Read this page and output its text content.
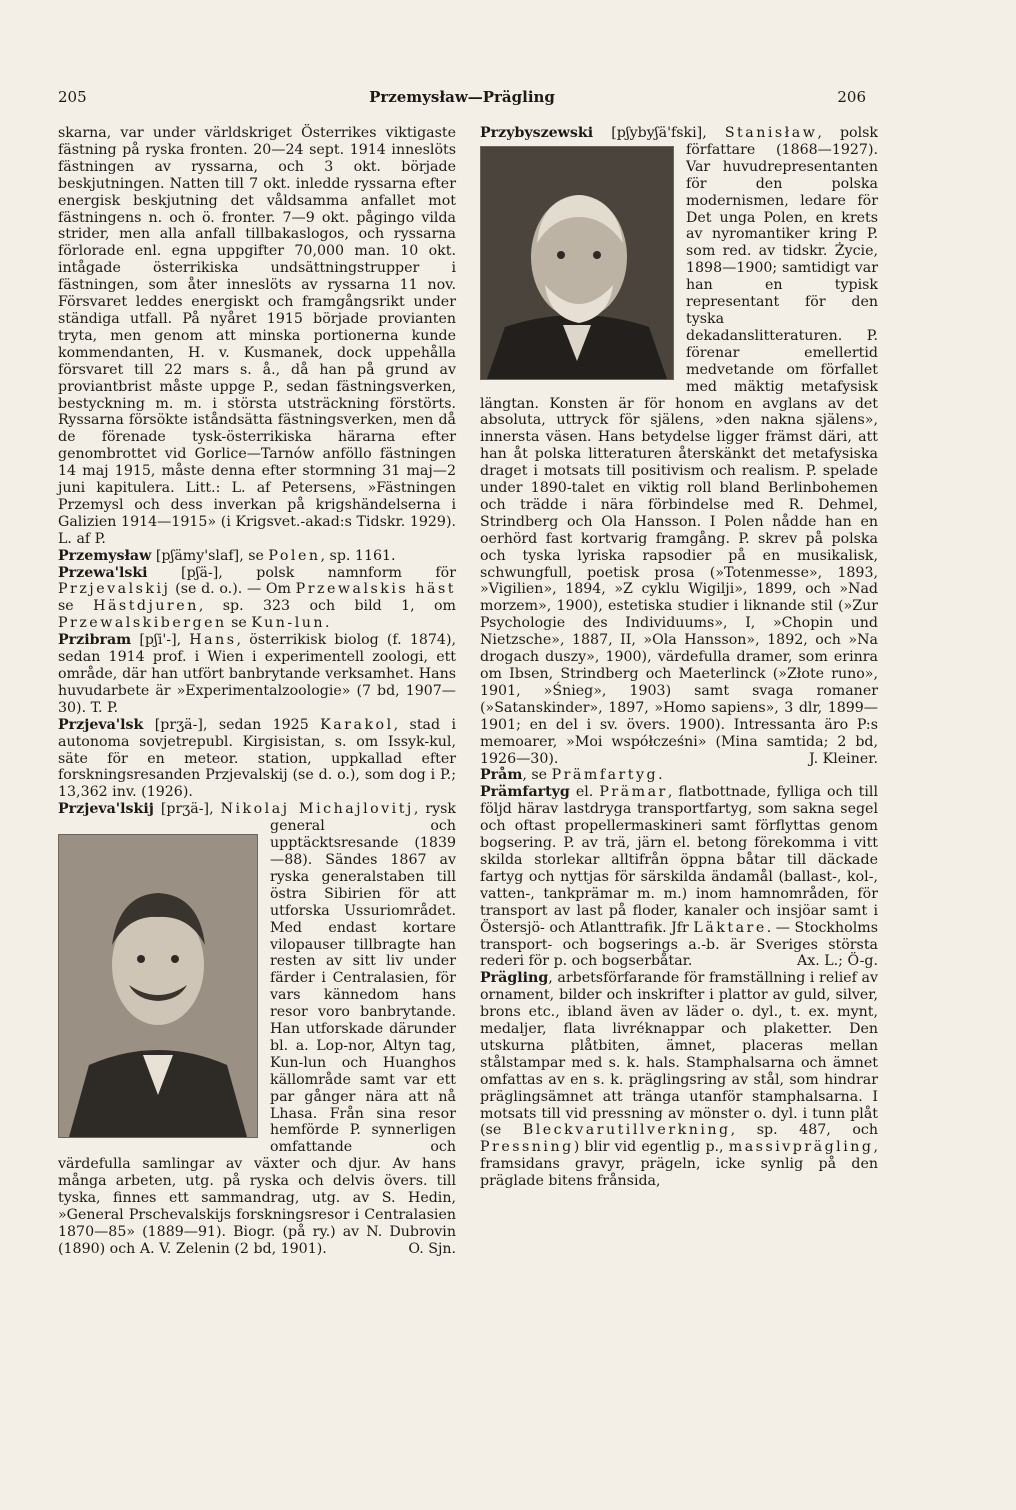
205	Przemysław—Prägling	206

skarna, var under världskriget Österrikes viktigaste fästning på ryska fronten. 20—24 sept. 1914 inneslöts fästningen av ryssarna, och 3 okt. började beskjutningen. Natten till 7 okt. inledde ryssarna efter energisk beskjutning det våldsamma anfallet mot fästningens n. och ö. fronter. 7—9 okt. pågingo vilda strider, men alla anfall tillbakaslogos, och ryssarna förlorade enl. egna uppgifter 70,000 man. 10 okt. intågade österrikiska undsättningstrupper i fästningen, som åter inneslöts av ryssarna 11 nov. Försvaret leddes energiskt och framgångsrikt under ständiga utfall. På nyåret 1915 började provianten tryta, men genom att minska portionerna kunde kommendanten, H. v. Kusmanek, dock uppehålla försvaret till 22 mars s. å., då han på grund av proviantbrist måste uppge P., sedan fästningsverken, bestyckning m. m. i största utsträckning förstörts. Ryssarna försökte iståndsätta fästningsverken, men då de förenade tysk-österrikiska härarna efter genombrottet vid Gorlice—Tarnów anföllo fästningen 14 maj 1915, måste denna efter stormning 31 maj—2 juni kapitulera. Litt.: L. af Petersens, »Fästningen Przemysl och dess inverkan på krigshändelserna i Galizien 1914—1915» (i Krigsvet.-akad:s Tidskr. 1929). L. af P.

Przemysław [pʃämy'slaf], se Polen, sp. 1161.

Przewa'lski [pʃä-], polsk namnform för Przjevalskij (se d. o.). — Om Przewalskis häst se Hästdjuren, sp. 323 och bild 1, om Przewalskibergen se Kun-lun.

Przibram [pʃi'-], Hans, österrikisk biolog (f. 1874), sedan 1914 prof. i Wien i experimentell zoologi, ett område, där han utfört banbrytande verksamhet. Hans huvudarbete är »Experimentalzoologie» (7 bd, 1907—30). T. P.

Przjeva'lsk [prʒä-], sedan 1925 Karakol, stad i autonoma sovjetrepubl. Kirgisistan, s. om Issyk-kul, säte för en meteor. station, uppkallad efter forskningsresanden Przjevalskij (se d. o.), som dog i P.; 13,362 inv. (1926).

Przjeva'lskij [prʒä-], Nikolaj Michajlovitj
, rysk general och upptäcktsresande (1839—88). Sändes 1867 av ryska generalstaben till östra Sibirien för att utforska Ussuriområdet. Med endast kortare vilopauser tillbragte han resten av sitt liv under färder i Centralasien, för vars kännedom hans resor voro banbrytande. Han utforskade därunder bl. a. Lop-nor, Altyn tag, Kun-lun och Huanghos källområde samt var ett par gånger nära att nå Lhasa. Från sina resor hemförde P. synnerligen omfattande och värdefulla samlingar av växter och djur. Av hans många arbeten, utg. på ryska och delvis övers. till tyska, finnes ett sammandrag, utg. av S. Hedin, »General Prschevalskijs forskningsresor i Centralasien 1870—85» (1889—91). Biogr. (på ry.) av N. Dubrovin (1890) och A. V. Zelenin (2 bd, 1901).	O. Sjn.

Przybyszewski [pʃybyʃä'fski], Stanisław
, polsk författare (1868—1927). Var huvudrepresentanten för den polska modernismen, ledare för Det unga Polen, en krets av nyromantiker kring P. som red. av tidskr. Życie, 1898—1900; samtidigt var han en typisk representant för den tyska dekadanslitteraturen. P. förenar emellertid medvetande om förfallet med mäktig metafysisk längtan. Konsten är för honom en avglans av det absoluta, uttryck för själens, »den nakna själens», innersta väsen. Hans betydelse ligger främst däri, att han åt polska litteraturen återskänkt det metafysiska draget i motsats till positivism och realism. P. spelade under 1890-talet en viktig roll bland Berlinbohemen och trädde i nära förbindelse med R. Dehmel, Strindberg och Ola Hansson. I Polen nådde han en oerhörd fast kortvarig framgång. P. skrev på polska och tyska lyriska rapsodier på en musikalisk, schwungfull, poetisk prosa (»Totenmesse», 1893, »Vigilien», 1894, »Z cyklu Wigilji», 1899, och »Nad morzem», 1900), estetiska studier i liknande stil (»Zur Psychologie des Individuums», I, »Chopin und Nietzsche», 1887, II, »Ola Hansson», 1892, och »Na drogach duszy», 1900), värdefulla dramer, som erinra om Ibsen, Strindberg och Maeterlinck (»Złote runo», 1901, »Śnieg», 1903) samt svaga romaner (»Satanskinder», 1897, »Homo sapiens», 3 dlr, 1899—1901; en del i sv. övers. 1900). Intressanta äro P:s memoarer, »Moi współcześni» (Mina samtida; 2 bd, 1926—30).	J. Kleiner.

Pråm, se Prämfartyg.

Prämfartyg el. Prämar, flatbottnade, fylliga och till följd härav lastdryga transportfartyg, som sakna segel och oftast propellermaskineri samt förflyttas genom bogsering. P. av trä, järn el. betong förekomma i vitt skilda storlekar alltifrån öppna båtar till däckade fartyg och nyttjas för särskilda ändamål (ballast-, kol-, vatten-, tankprämar m. m.) inom hamnområden, för transport av last på floder, kanaler och insjöar samt i Östersjö- och Atlanttrafik. Jfr Läktare. — Stockholms transport- och bogserings a.-b. är Sveriges största rederi för p. och bogserbåtar.	Ax. L.; Ö-g.

Prägling, arbetsförfarande för framställning i relief av ornament, bilder och inskrifter i plattor av guld, silver, brons etc., ibland även av läder o. dyl., t. ex. mynt, medaljer, flata livréknappar och plaketter. Den utskurna plåtbiten, ämnet, placeras mellan stålstampar med s. k. hals. Stamphalsarna och ämnet omfattas av en s. k. präglingsring av stål, som hindrar präglingsämnet att tränga utanför stamphalsarna. I motsats till vid pressning av mönster o. dyl. i tunn plåt (se Bleckvarutillverkning, sp. 487, och Pressning) blir vid egentlig p., massivprägling, framsidans gravyr, prägeln, icke synlig på den präglade bitens frånsida,
